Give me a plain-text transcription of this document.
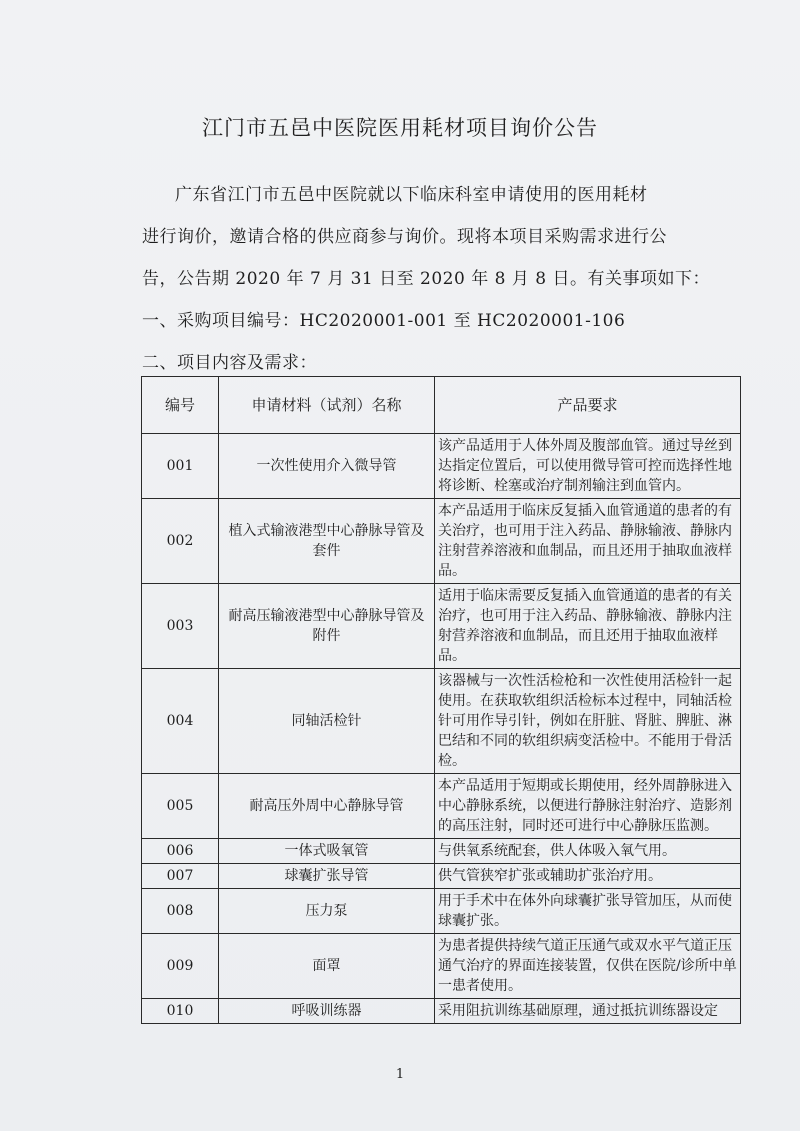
江门市五邑中医院医用耗材项目询价公告
广东省江门市五邑中医院就以下临床科室申请使用的医用耗材
进行询价，邀请合格的供应商参与询价。现将本项目采购需求进行公
告，公告期 2020 年 7 月 31 日至 2020 年 8 月 8 日。有关事项如下：
一、采购项目编号：HC2020001-001 至 HC2020001-106
二、项目内容及需求：
编号	申请材料（试剂）名称	产品要求
001	一次性使用介入微导管	该产品适用于人体外周及腹部血管。通过导丝到达指定位置后，可以使用微导管可控而选择性地将诊断、栓塞或治疗制剂输注到血管内。
002	植入式输液港型中心静脉导管及套件	本产品适用于临床反复插入血管通道的患者的有关治疗，也可用于注入药品、静脉输液、静脉内注射营养溶液和血制品，而且还用于抽取血液样品。
003	耐高压输液港型中心静脉导管及附件	适用于临床需要反复插入血管通道的患者的有关治疗，也可用于注入药品、静脉输液、静脉内注射营养溶液和血制品，而且还用于抽取血液样品。
004	同轴活检针	该器械与一次性活检枪和一次性使用活检针一起使用。在获取软组织活检标本过程中，同轴活检针可用作导引针，例如在肝脏、肾脏、脾脏、淋巴结和不同的软组织病变活检中。不能用于骨活检。
005	耐高压外周中心静脉导管	本产品适用于短期或长期使用，经外周静脉进入中心静脉系统，以便进行静脉注射治疗、造影剂的高压注射，同时还可进行中心静脉压监测。
006	一体式吸氧管	与供氧系统配套，供人体吸入氧气用。
007	球囊扩张导管	供气管狭窄扩张或辅助扩张治疗用。
008	压力泵	用于手术中在体外向球囊扩张导管加压，从而使球囊扩张。
009	面罩	为患者提供持续气道正压通气或双水平气道正压通气治疗的界面连接装置，仅供在医院/诊所中单一患者使用。
010	呼吸训练器	采用阻抗训练基础原理，通过抵抗训练器设定
1
